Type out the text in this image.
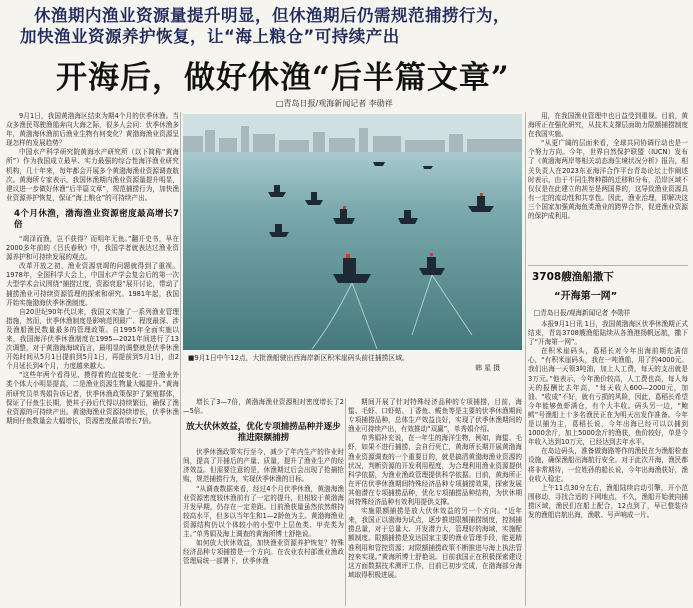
休渔期内渔业资源量提升明显，但休渔期后仍需规范捕捞行为，
加快渔业资源养护恢复，让“海上粮仓”可持续产出
开海后，做好休渔“后半篇文章”
□青岛日报/观海新闻记者 李勋祥

9月1日，我国黄渤海区结束为期4个月的伏季休渔。当众多渔民驾驶渔船奔向大海之际，很多人会问：伏季休渔多年，黄渤海休渔前后渔业生物有何变化？黄渤海渔业资源呈现怎样的发展趋势？

中国水产科学研究院黄海水产研究所（以下简称“黄海所”）作为我国成立最早、实力最强的综合性海洋渔业研究机构，几十年来，每年都会开展多个黄渤海渔业资源调查航次。黄海所专家表示，我国休渔期内渔业资源量提升明显，建议进一步做好休渔“后半篇文章”，规范捕捞行为，加快渔业资源养护恢复，保证“海上粮仓”的可持续产出。

4个月休渔，渤海渔业资源密度最高增长7倍

“竭泽而渔，岂不获得？而明年无鱼。”翻开史书，早在2000多年前的《吕氏春秋》中，我国学者就表达过渔业资源养护和可持续发展的观点。

改革开放之初，渔业资源衰竭的问题就得到了重视。1978年，全国科学大会上，中国水产学会复会后的第一次大型学术会议围绕“捕捞过度，资源衰退”展开讨论，带动了捕捞渔业可持续资源管理的探索和研究。1981年起，我国开始实施渤海伏季休渔制度。

自20世纪90年代以来，我国又实施了一系列渔业管理措施，然而，伏季休渔制度是影响范围最广、程度最深、涉及渔船渔民数量最多的管理政策。自1995年全面实施以来，我国海洋伏季休渔制度在1995—2021年间进行了13次调整，对于黄渤海海域而言，最明显的调整就是伏季休渔开始时间从5月1日提前到5月1日，再提前到5月1日，由2个月延长到4个月，力度越来越大。

“这些年两个看得见、摸得着的直接变化：一是渔业外类个体大小明显提高，二是渔业资源生物量大幅提升。”黄海所研究员单秀娟告诉记者，伏季休渔政策保护了繁殖群体，保证了仔鱼生长期，使其子孙后代得以持续繁衍，确保了渔业资源的可持续产出。黄渤海渔业资源持续增长，伏季休渔期间仔鱼数量会大幅增长，资源密度最高增长7倍。

■9月1日中午12点，大批渔船驶出西海岸新区积米崖码头前往捕捞区域。
韩 星 摄

增长了3—7倍，黄渤海渔业资源相对密度增长了2—5倍。

放大伏休效益，优化专项捕捞品种并逐步推进限额捕捞

伏季休渔政策实行至今，减少了年内生产的作业时间，提高了开捕后的产量、质量，提升了渔业生产的经济效益。但需要注意的是，休渔期过后会出现了抢捕抢购，规范捕捞行为，实现伏季休渔的目标。

“从调查数据来看，经过4个月伏季休渔，黄渤海渔业资源密度较休渔前有了一定的提升，但相较于黄渤海开发早期，仍存在一定差距。目前渔获量虽然依然维持较高水平，但多以当年生和1—2龄鱼为主。黄渤海渔业资源结构仍以个体较小的小型中上层鱼类、甲壳类为主。”单秀娟及海上调查的黄海所博士舒艳说。

如何放大伏休效益，加快渔业资源养护恢复？特殊经济品种专项捕捞是一个方向。在农业农村部渔业渔政管理局统一部署下，伏季休渔

期间开展了针对特殊经济品种的专项捕捞，目前，海蜇、毛虾、口虾蛄、丁香鱼、鲅鱼等是主要的伏季休渔期间专项捕捞品种，总体生产效益良好，实现了伏季休渔期间的渔业可持续产出，有效推动“双赢”，单秀娟介绍。

单秀娟补充说，在一年生的海洋生物，例如，海蜇、毛虾，如果不进行捕捞，会自行死亡，黄海所长期开展黄渤海渔业资源调查的一个重要目的，就是搞清黄渤海渔业资源的状况，判断资源的开发利用程度，为合理利用渔业资源提供科学依据，为渔业渔政管理提供科学依据。目前，黄海所正在评估伏季休渔期间特殊经济品种专项捕捞效果，探索发展其他潜在专项捕捞品种，优化专项捕捞品种结构，为伏休期间特殊经济品种有效利用提供支撑。

实施限额捕捞是放大伏休效益的另一个方向。“近年来，我国正以渤海为试点，逐步推进限额捕捞制度，控制捕捞总量，对于总量大、开发潜力大，管理好的海域，实施配额制度。限额捕捞是发达国家主要的渔业管理手段，能更精准利用和管控资源；对限额捕捞政策不断推进与海上执法管控来实现。”黄海所博士舒艳说。目前我国正在积极探索建设这方面数据技术测评工作，目前已初步完成，在渤海部分海域取得积极进展。

用，在我国渔业管理中也日益受到重视。目前，黄海所正在强化研究，从技术支撑层面助力限额捕捞制度在我国实施。

“从更广阔的层面来看，全球共同协调行动也是一个努力方向。今年，世界自然保护联盟（IUCN）发布了《黄渤海两岸等相关动态海生境状况分析》报告，相关负责人在2023东亚海洋合作平台青岛论坛上作阐述时表示，由于不同生物种群的迁移和分布，沿岸区域不仅仅是在此建立的甚至是两国界的，这导致渔业资源具有一定的流动性和共享性。因此，渔业治理，即解决这三个国家加强黄海鱼类渔业的跨界合作，促进渔业资源的保护成利用。

3708艘渔船撒下
“开海第一网”
□青岛日报/观海新闻记者 李勋祥

本报9月1日讯 1日，我国黄渤海区伏季休渔期正式结束，青岛3708艘渔船陆续从各渔港扬帆远航，撒下了“开海第一网”。

在积米崖码头，葛稻长对今年出海前期充满信心，“有积米崖码头，我在一吨渔船，用了约4000元。我们出海一天领3吨油，加上人工费，每天的支出就是3万元。”他表示，今年渔价较高，人工费也高，每人每天的报酬比去年高，“每天收入600—2000元，加油、“收成”不好，就有亏损的风险，因此，葛稻长希望今年能够鱼虾满仓，有个大丰收。码头另一边，“鲍鳕”号渔船上十多名渔民正在为明天出发作准备。今年是以捕为主，葛稻长说，今年出海已经可以以捕到1000余斤，加上5000余斤的渔获，鱼价较好，单是今年收入达到10万元，已经达到去年水平。

在岛边码头，准备做海路等作的渔民在为渔船检查设施，确保渔船出海航行安全。对于此次开海，渔民都将非常期待，一位姓孙的船长说，今年出海渔获好，渔业收入稳定。

上午11点30分左右，渔船陆续启动引擎，开小范围移动，寻找合适的下网地点，不久，渔船开始驶向捕捞区域，渔民们在船上配合，12点到了，早已整装待发的渔船启航出海，渔歌、号声响成一片。
